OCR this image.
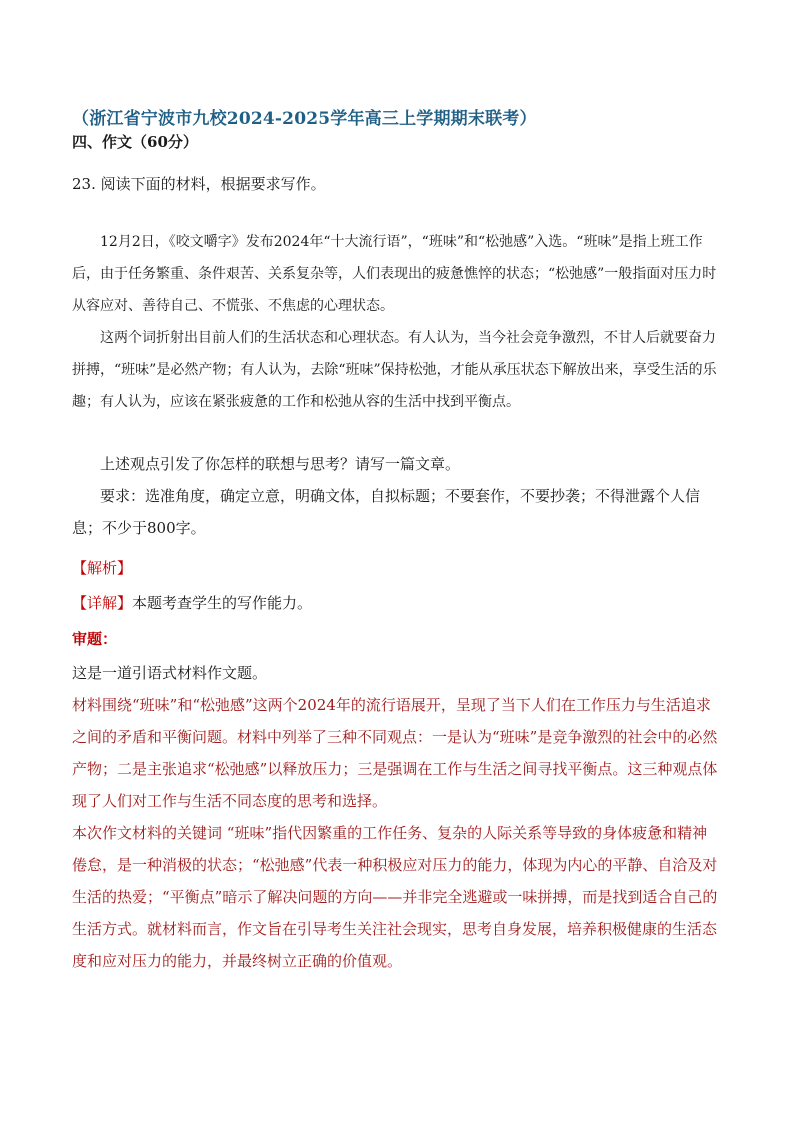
（浙江省宁波市九校2024-2025学年高三上学期期末联考）
四、作文（60分）

23. 阅读下面的材料，根据要求写作。

12月2日，《咬文嚼字》发布2024年“十大流行语”，“班味”和“松弛感”入选。“班味”是指上班工作后，由于任务繁重、条件艰苦、关系复杂等，人们表现出的疲惫憔悴的状态；“松弛感”一般指面对压力时从容应对、善待自己、不慌张、不焦虑的心理状态。

这两个词折射出目前人们的生活状态和心理状态。有人认为，当今社会竞争激烈，不甘人后就要奋力拼搏，“班味”是必然产物；有人认为，去除“班味”保持松弛，才能从承压状态下解放出来，享受生活的乐趣；有人认为，应该在紧张疲惫的工作和松弛从容的生活中找到平衡点。

上述观点引发了你怎样的联想与思考？请写一篇文章。

要求：选准角度，确定立意，明确文体，自拟标题；不要套作，不要抄袭；不得泄露个人信息；不少于800字。

【解析】
【详解】本题考查学生的写作能力。
审题：

这是一道引语式材料作文题。

材料围绕“班味”和“松弛感”这两个2024年的流行语展开，呈现了当下人们在工作压力与生活追求之间的矛盾和平衡问题。材料中列举了三种不同观点：一是认为“班味”是竞争激烈的社会中的必然产物；二是主张追求“松弛感”以释放压力；三是强调在工作与生活之间寻找平衡点。这三种观点体现了人们对工作与生活不同态度的思考和选择。

本次作文材料的关键词 “班味”指代因繁重的工作任务、复杂的人际关系等导致的身体疲惫和精神倦怠，是一种消极的状态；“松弛感”代表一种积极应对压力的能力，体现为内心的平静、自洽及对生活的热爱；“平衡点”暗示了解决问题的方向——并非完全逃避或一味拼搏，而是找到适合自己的生活方式。就材料而言，作文旨在引导考生关注社会现实，思考自身发展，培养积极健康的生活态度和应对压力的能力，并最终树立正确的价值观。
